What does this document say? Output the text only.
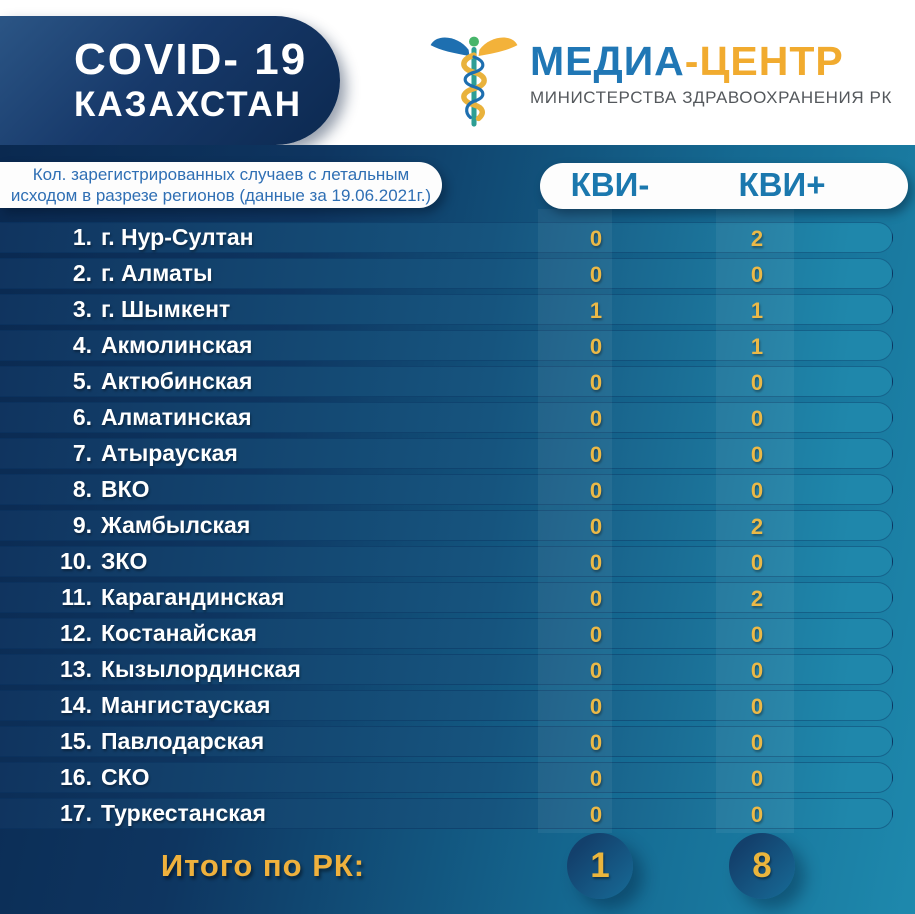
COVID- 19
КАЗАХСТАН
МЕДИА-ЦЕНТР
МИНИСТЕРСТВА ЗДРАВООХРАНЕНИЯ РК
Кол. зарегистрированных случаев с летальным
исходом в разрезе регионов (данные за 19.06.2021г.)	КВИ-	КВИ+
1. г. Нур-Султан	0	2
2. г. Алматы	0	0
3. г. Шымкент	1	1
4. Акмолинская	0	1
5. Актюбинская	0	0
6. Алматинская	0	0
7. Атырауская	0	0
8. ВКО	0	0
9. Жамбылская	0	2
10. ЗКО	0	0
11. Карагандинская	0	2
12. Костанайская	0	0
13. Кызылординская	0	0
14. Мангистауская	0	0
15. Павлодарская	0	0
16. СКО	0	0
17. Туркестанская	0	0
Итого по РК:	1	8
